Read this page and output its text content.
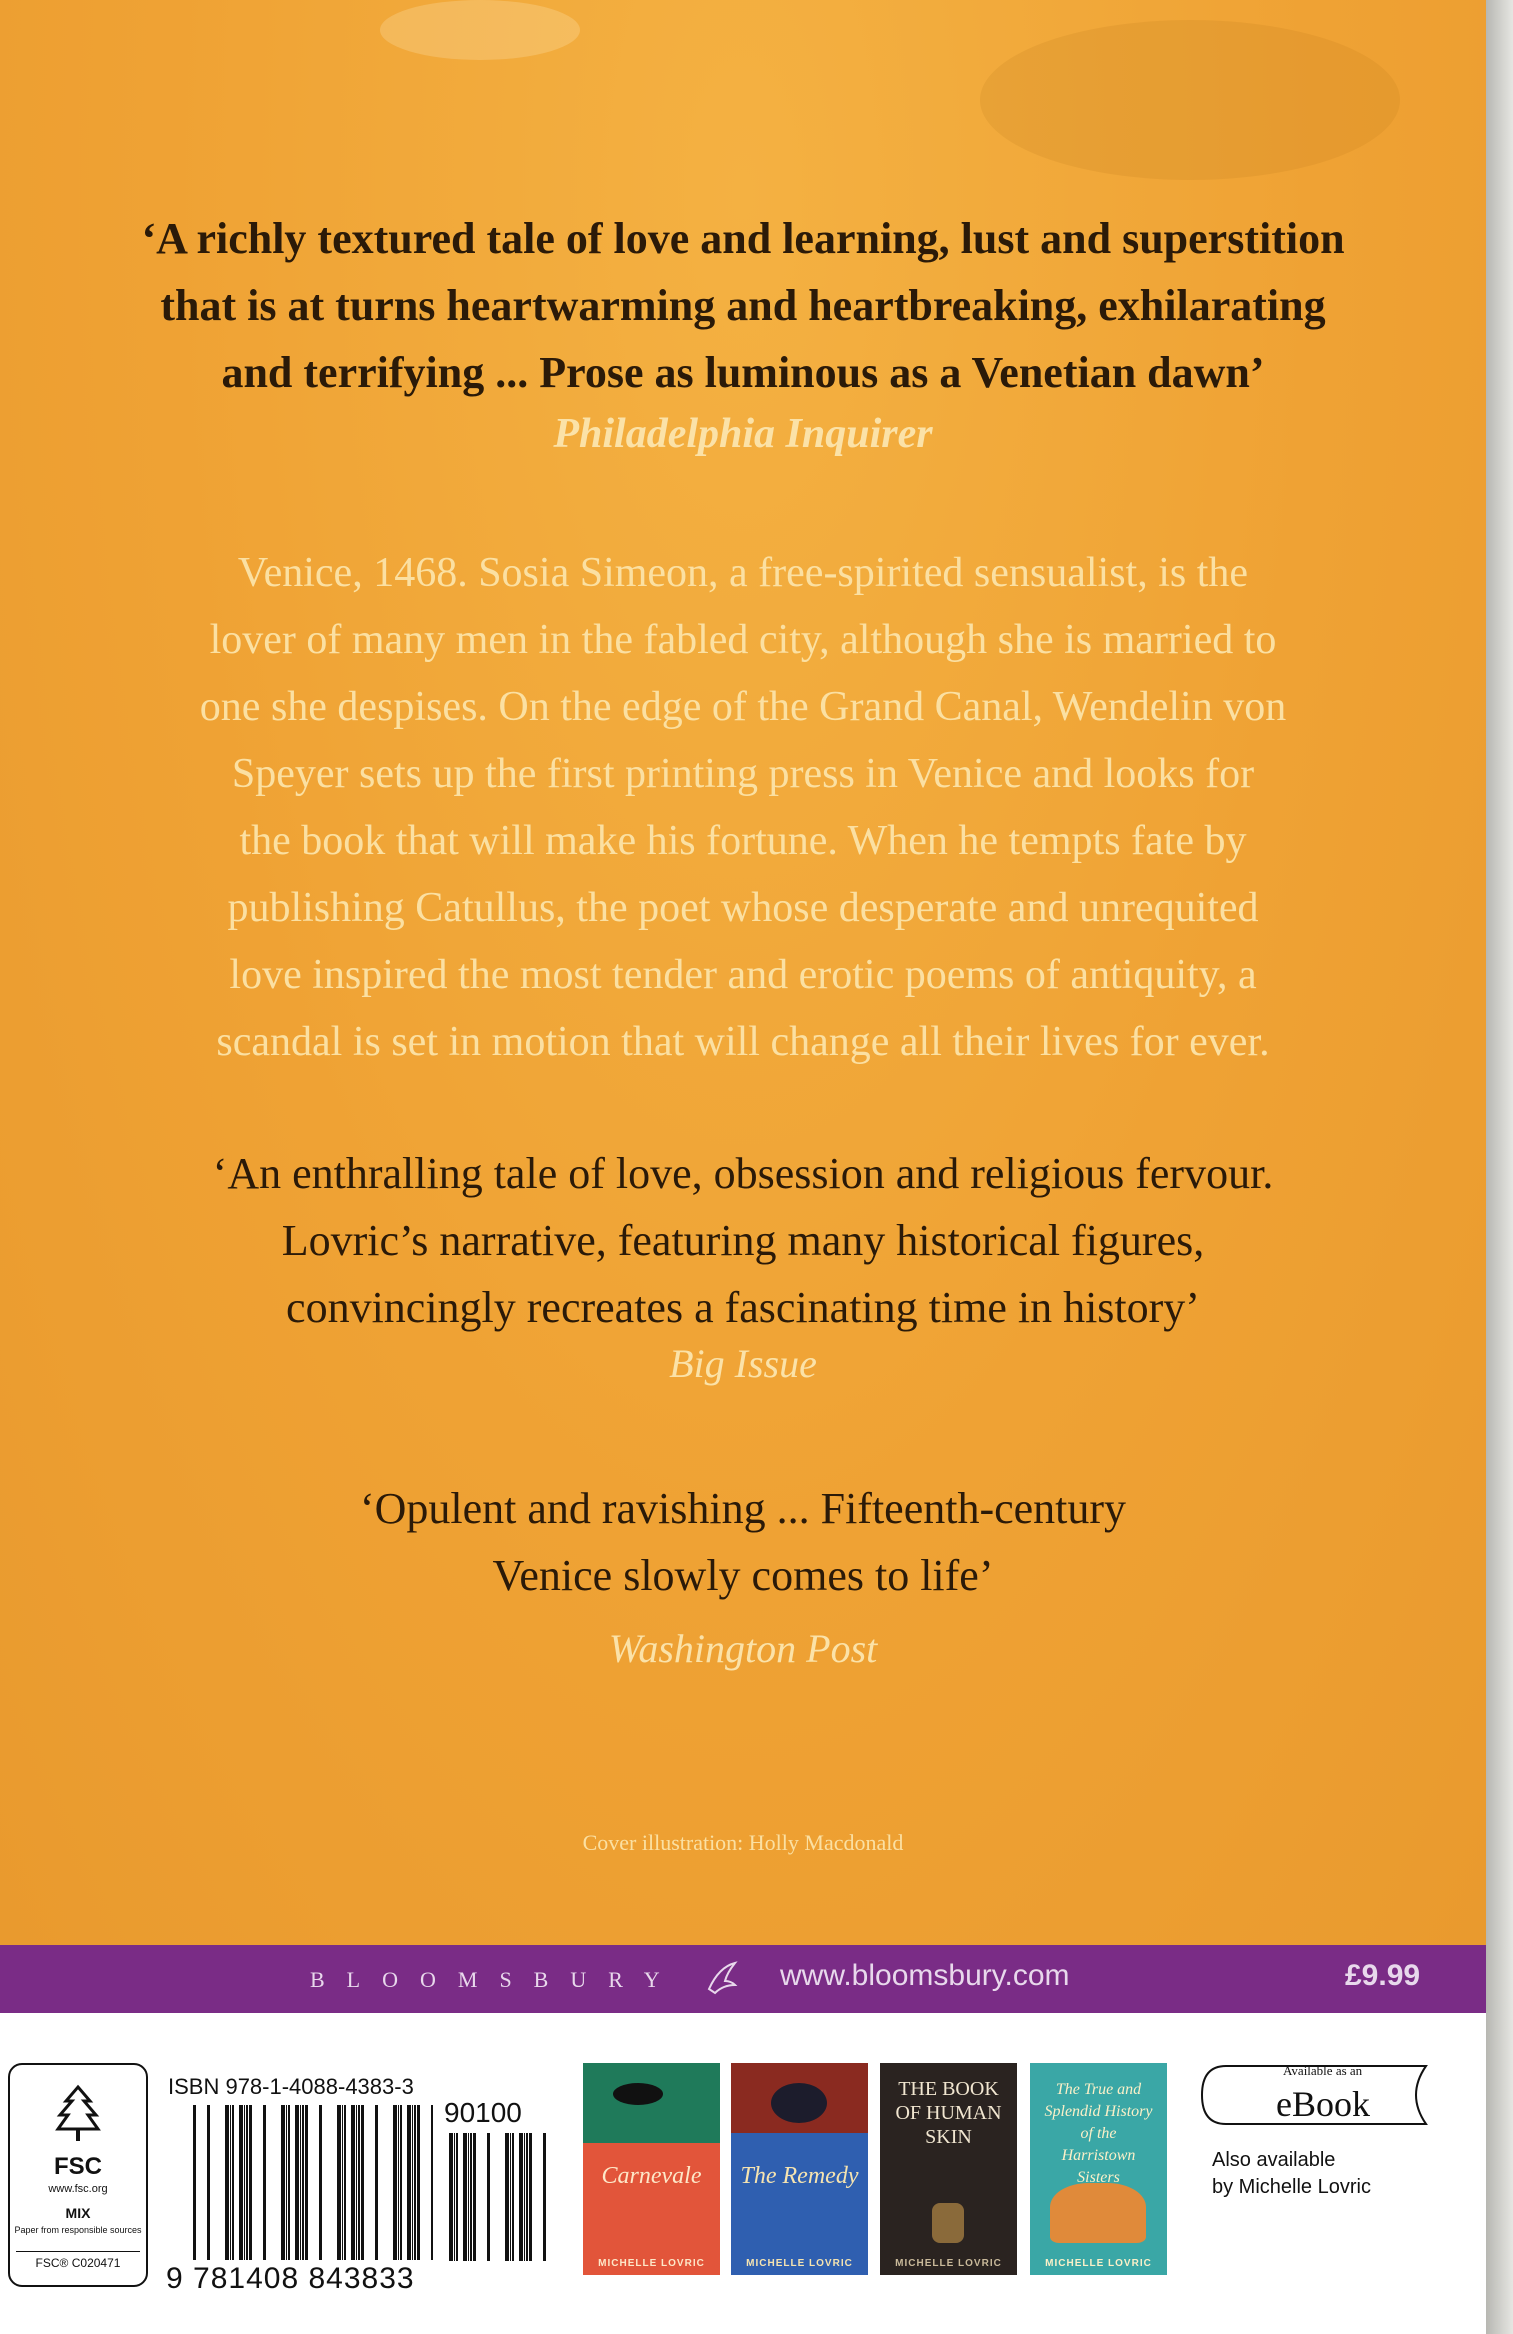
‘A richly textured tale of love and learning, lust and superstition
that is at turns heartwarming and heartbreaking, exhilarating
and terrifying ... Prose as luminous as a Venetian dawn’
Philadelphia Inquirer
Venice, 1468. Sosia Simeon, a free-spirited sensualist, is the
lover of many men in the fabled city, although she is married to
one she despises. On the edge of the Grand Canal, Wendelin von
Speyer sets up the first printing press in Venice and looks for
the book that will make his fortune. When he tempts fate by
publishing Catullus, the poet whose desperate and unrequited
love inspired the most tender and erotic poems of antiquity, a
scandal is set in motion that will change all their lives for ever.
‘An enthralling tale of love, obsession and religious fervour.
Lovric’s narrative, featuring many historical figures,
convincingly recreates a fascinating time in history’
Big Issue
‘Opulent and ravishing ... Fifteenth-century
Venice slowly comes to life’
Washington Post
Cover illustration: Holly Macdonald
BLOOMSBURY	www.bloomsbury.com	£9.99
FSC
www.fsc.org
MIX
Paper from responsible sources
FSC® C020471
ISBN 978-1-4088-4383-3
9 781408 843833
90100
Carnevale
MICHELLE LOVRIC
The Remedy
MICHELLE LOVRIC
THE BOOK OF HUMAN SKIN
MICHELLE LOVRIC
The True and Splendid History of the Harristown Sisters
MICHELLE LOVRIC
Available as an
eBook
Also available
by Michelle Lovric
